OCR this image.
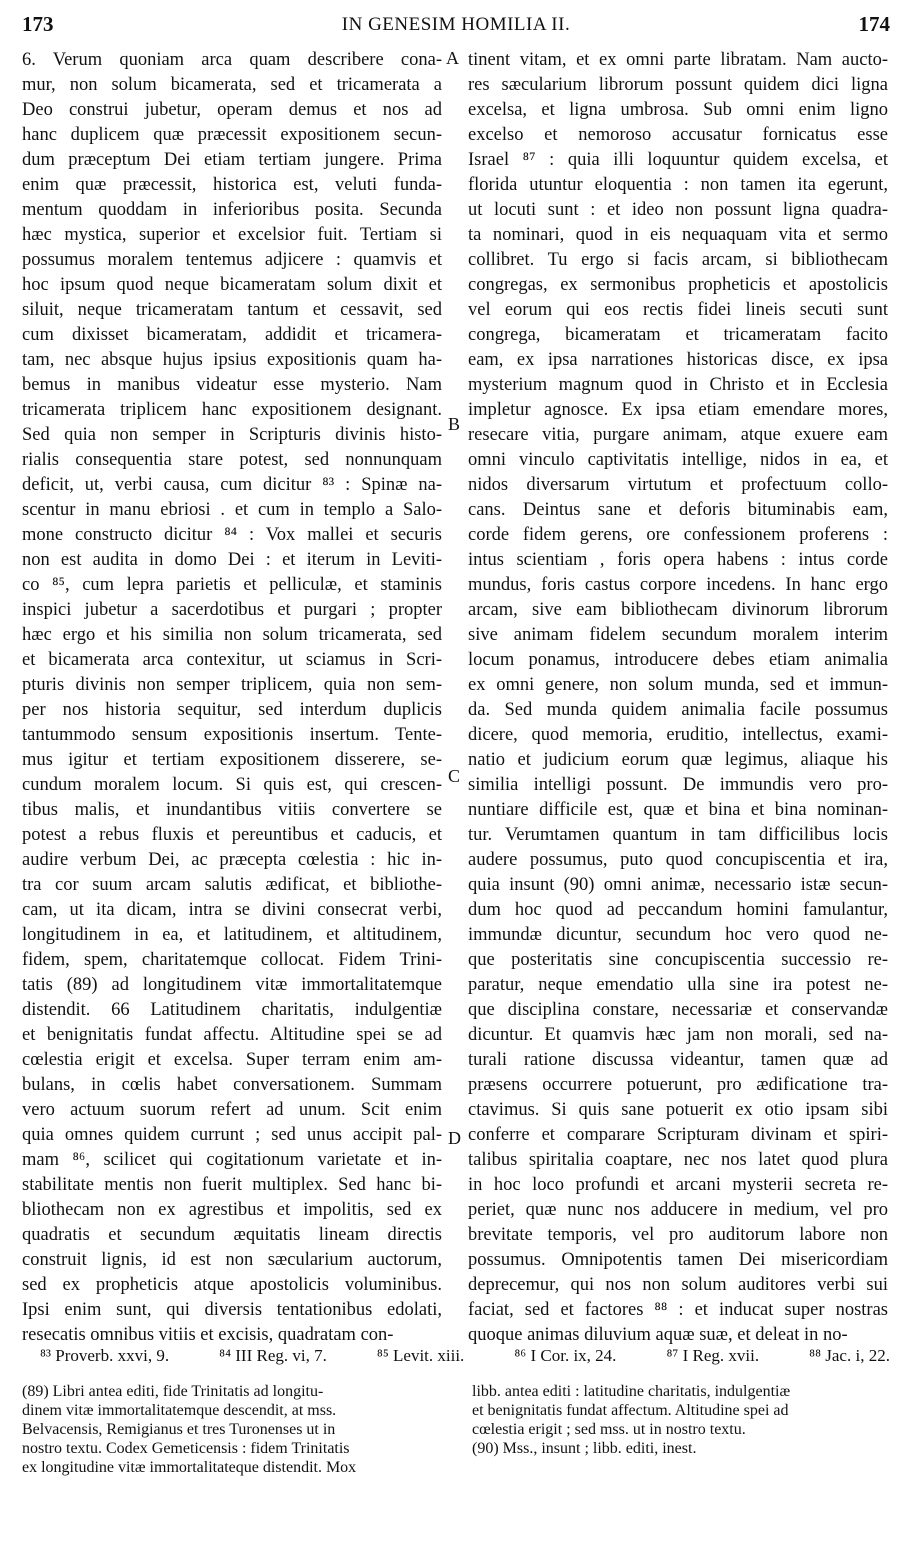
173	IN GENESIM HOMILIA II.	174
6. Verum quoniam arca quam describere cona-
mur, non solum bicamerata, sed et tricamerata a
Deo construi jubetur, operam demus et nos ad
hanc duplicem quæ præcessit expositionem secun-
dum præceptum Dei etiam tertiam jungere. Prima
enim quæ præcessit, historica est, veluti funda-
mentum quoddam in inferioribus posita. Secunda
hæc mystica, superior et excelsior fuit. Tertiam si
possumus moralem tentemus adjicere : quamvis et
hoc ipsum quod neque bicameratam solum dixit et
siluit, neque tricameratam tantum et cessavit, sed
cum dixisset bicameratam, addidit et tricamera-
tam, nec absque hujus ipsius expositionis quam ha-
bemus in manibus videatur esse mysterio. Nam
tricamerata triplicem hanc expositionem designant.
Sed quia non semper in Scripturis divinis histo-
rialis consequentia stare potest, sed nonnunquam
deficit, ut, verbi causa, cum dicitur ⁸³ : Spinæ na-
scentur in manu ebriosi . et cum in templo a Salo-
mone constructo dicitur ⁸⁴ : Vox mallei et securis
non est audita in domo Dei : et iterum in Leviti-
co ⁸⁵, cum lepra parietis et pelliculæ, et staminis
inspici jubetur a sacerdotibus et purgari ; propter
hæc ergo et his similia non solum tricamerata, sed
et bicamerata arca contexitur, ut sciamus in Scri-
pturis divinis non semper triplicem, quia non sem-
per nos historia sequitur, sed interdum duplicis
tantummodo sensum expositionis insertum. Tente-
mus igitur et tertiam expositionem disserere, se-
cundum moralem locum. Si quis est, qui crescen-
tibus malis, et inundantibus vitiis convertere se
potest a rebus fluxis et pereuntibus et caducis, et
audire verbum Dei, ac præcepta cœlestia : hic in-
tra cor suum arcam salutis ædificat, et bibliothe-
cam, ut ita dicam, intra se divini consecrat verbi,
longitudinem in ea, et latitudinem, et altitudinem,
fidem, spem, charitatemque collocat. Fidem Trini-
tatis (89) ad longitudinem vitæ immortalitatemque
distendit. 66 Latitudinem charitatis, indulgentiæ
et benignitatis fundat affectu. Altitudine spei se ad
cœlestia erigit et excelsa. Super terram enim am-
bulans, in cœlis habet conversationem. Summam
vero actuum suorum refert ad unum. Scit enim
quia omnes quidem currunt ; sed unus accipit pal-
mam ⁸⁶, scilicet qui cogitationum varietate et in-
stabilitate mentis non fuerit multiplex. Sed hanc bi-
bliothecam non ex agrestibus et impolitis, sed ex
quadratis et secundum æquitatis lineam directis
construit lignis, id est non sæcularium auctorum,
sed ex propheticis atque apostolicis voluminibus.
Ipsi enim sunt, qui diversis tentationibus edolati,
resecatis omnibus vitiis et excisis, quadratam con-
A
B
C
D
tinent vitam, et ex omni parte libratam. Nam aucto-
res sæcularium librorum possunt quidem dici ligna
excelsa, et ligna umbrosa. Sub omni enim ligno
excelso et nemoroso accusatur fornicatus esse
Israel ⁸⁷ : quia illi loquuntur quidem excelsa, et
florida utuntur eloquentia : non tamen ita egerunt,
ut locuti sunt : et ideo non possunt ligna quadra-
ta nominari, quod in eis nequaquam vita et sermo
collibret. Tu ergo si facis arcam, si bibliothecam
congregas, ex sermonibus propheticis et apostolicis
vel eorum qui eos rectis fidei lineis secuti sunt
congrega, bicameratam et tricameratam facito
eam, ex ipsa narrationes historicas disce, ex ipsa
mysterium magnum quod in Christo et in Ecclesia
impletur agnosce. Ex ipsa etiam emendare mores,
resecare vitia, purgare animam, atque exuere eam
omni vinculo captivitatis intellige, nidos in ea, et
nidos diversarum virtutum et profectuum collo-
cans. Deintus sane et deforis bituminabis eam,
corde fidem gerens, ore confessionem proferens :
intus scientiam , foris opera habens : intus corde
mundus, foris castus corpore incedens. In hanc ergo
arcam, sive eam bibliothecam divinorum librorum
sive animam fidelem secundum moralem interim
locum ponamus, introducere debes etiam animalia
ex omni genere, non solum munda, sed et immun-
da. Sed munda quidem animalia facile possumus
dicere, quod memoria, eruditio, intellectus, exami-
natio et judicium eorum quæ legimus, aliaque his
similia intelligi possunt. De immundis vero pro-
nuntiare difficile est, quæ et bina et bina nominan-
tur. Verumtamen quantum in tam difficilibus locis
audere possumus, puto quod concupiscentia et ira,
quia insunt (90) omni animæ, necessario istæ secun-
dum hoc quod ad peccandum homini famulantur,
immundæ dicuntur, secundum hoc vero quod ne-
que posteritatis sine concupiscentia successio re-
paratur, neque emendatio ulla sine ira potest ne-
que disciplina constare, necessariæ et conservandæ
dicuntur. Et quamvis hæc jam non morali, sed na-
turali ratione discussa videantur, tamen quæ ad
præsens occurrere potuerunt, pro ædificatione tra-
ctavimus. Si quis sane potuerit ex otio ipsam sibi
conferre et comparare Scripturam divinam et spiri-
talibus spiritalia coaptare, nec nos latet quod plura
in hoc loco profundi et arcani mysterii secreta re-
periet, quæ nunc nos adducere in medium, vel pro
brevitate temporis, vel pro auditorum labore non
possumus. Omnipotentis tamen Dei misericordiam
deprecemur, qui nos non solum auditores verbi sui
faciat, sed et factores ⁸⁸ : et inducat super nostras
quoque animas diluvium aquæ suæ, et deleat in no-
⁸³ Proverb. xxvi, 9.	⁸⁴ III Reg. vi, 7.	⁸⁵ Levit. xiii.	⁸⁶ I Cor. ix, 24.	⁸⁷ I Reg. xvii.	⁸⁸ Jac. i, 22.
(89) Libri antea editi, fide Trinitatis ad longitu-
dinem vitæ immortalitatemque descendit, at mss.
Belvacensis, Remigianus et tres Turonenses ut in
nostro textu. Codex Gemeticensis : fidem Trinitatis
ex longitudine vitæ immortalitateque distendit. Mox
libb. antea editi : latitudine charitatis, indulgentiæ
et benignitatis fundat affectum. Altitudine spei ad
cœlestia erigit ; sed mss. ut in nostro textu.
(90) Mss., insunt ; libb. editi, inest.
